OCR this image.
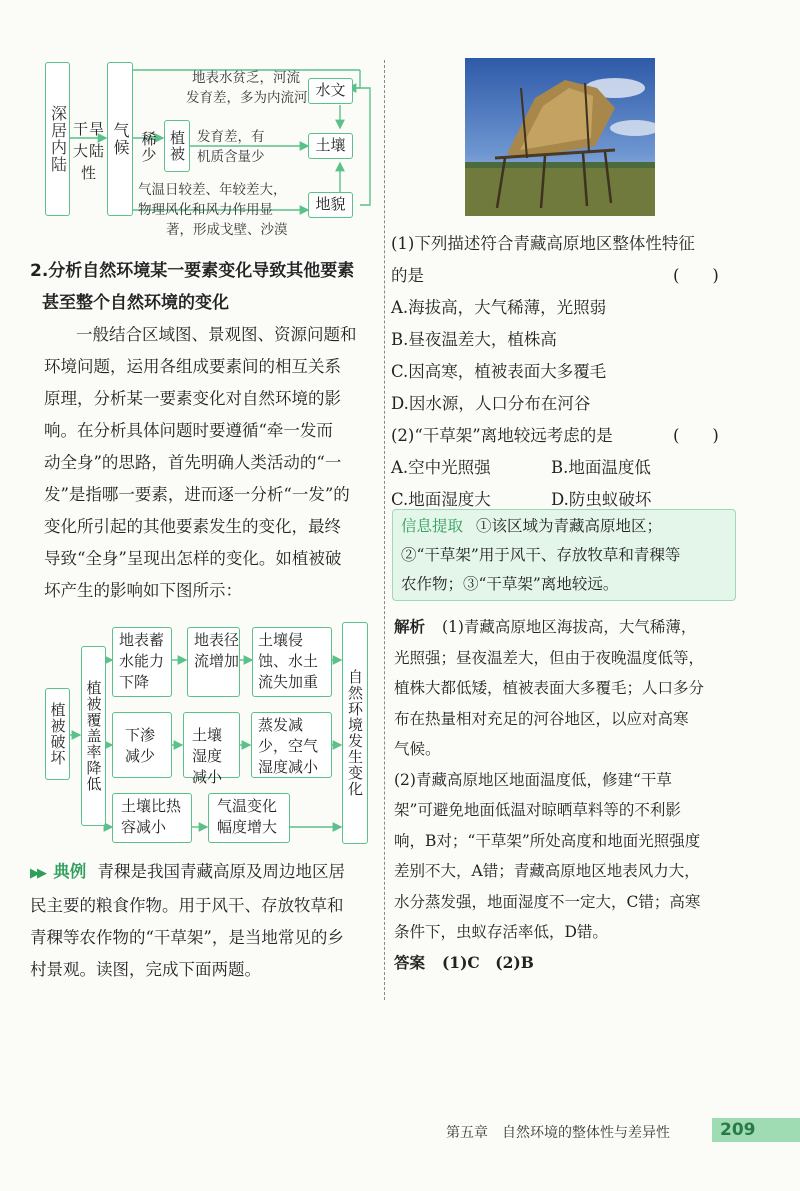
深居内陆 干旱大陆性
气候 稀少 植被
水文
土壤
地貌
地表水贫乏，河流
发育差，多为内流河
发育差，有
机质含量少
气温日较差、年较差大，
物理风化和风力作用显
著，形成戈壁、沙漠
2.分析自然环境某一要素变化导致其他要素
甚至整个自然环境的变化
一般结合区域图、景观图、资源问题和
环境问题，运用各组成要素间的相互关系
原理，分析某一要素变化对自然环境的影
响。在分析具体问题时要遵循“牵一发而
动全身”的思路，首先明确人类活动的“一
发”是指哪一要素，进而逐一分析“一发”的
变化所引起的其他要素发生的变化，最终
导致“全身”呈现出怎样的变化。如植被破
坏产生的影响如下图所示：
植被破坏 植被覆盖率降低
地表蓄水能力下降
地表径流增加
土壤侵蚀、水土流失加重
下渗减少
土壤湿度减小
蒸发减少，空气湿度减小
土壤比热容减小
气温变化幅度增大
自然环境发生变化
▶▶ 典例 青稞是我国青藏高原及周边地区居
民主要的粮食作物。用于风干、存放牧草和
青稞等农作物的“干草架”，是当地常见的乡
村景观。读图，完成下面两题。
(1)下列描述符合青藏高原地区整体性特征
的是	(　　)
A.海拔高，大气稀薄，光照弱
B.昼夜温差大，植株高
C.因高寒，植被表面大多覆毛
D.因水源，人口分布在河谷
(2)“干草架”离地较远考虑的是	(　　)
A.空中光照强	B.地面温度低
C.地面湿度大	D.防虫蚁破坏
信息提取 ①该区域为青藏高原地区；
②“干草架”用于风干、存放牧草和青稞等
农作物；③“干草架”离地较远。
解析 (1)青藏高原地区海拔高，大气稀薄，
光照强；昼夜温差大，但由于夜晚温度低等，
植株大都低矮，植被表面大多覆毛；人口多分
布在热量相对充足的河谷地区，以应对高寒
气候。
(2)青藏高原地区地面温度低，修建“干草
架”可避免地面低温对晾晒草料等的不利影
响，B对；“干草架”所处高度和地面光照强度
差别不大，A错；青藏高原地区地表风力大，
水分蒸发强，地面湿度不一定大，C错；高寒
条件下，虫蚁存活率低，D错。
答案 (1)C　(2)B
第五章　自然环境的整体性与差异性	209
